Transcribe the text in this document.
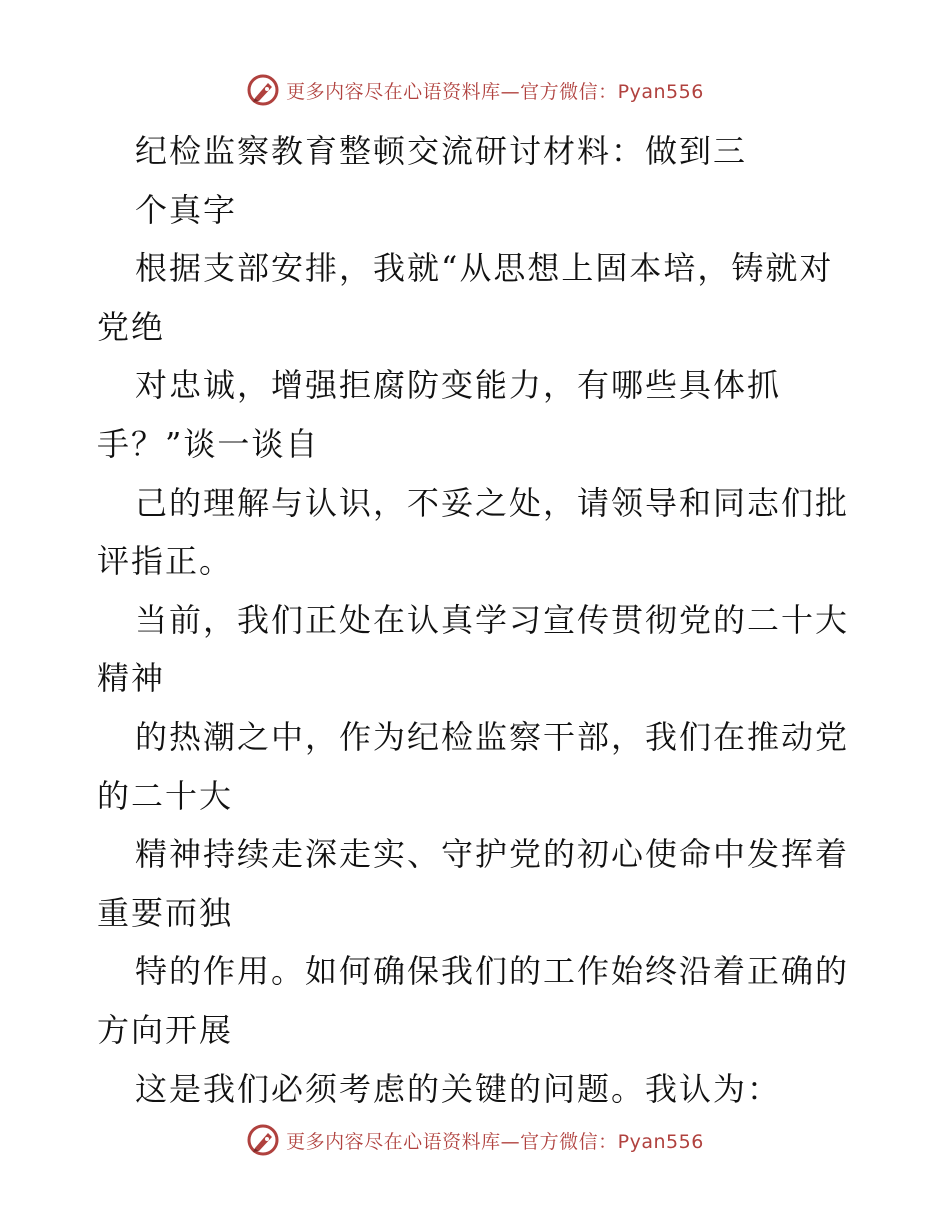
更多内容尽在心语资料库—官方微信：Pyan556
纪检监察教育整顿交流研讨材料：做到三
个真字
根据支部安排，我就“从思想上固本培，铸就对
党绝
对忠诚，增强拒腐防变能力，有哪些具体抓
手？”谈一谈自
己的理解与认识，不妥之处，请领导和同志们批
评指正。
当前，我们正处在认真学习宣传贯彻党的二十大
精神
的热潮之中，作为纪检监察干部，我们在推动党
的二十大
精神持续走深走实、守护党的初心使命中发挥着
重要而独
特的作用。如何确保我们的工作始终沿着正确的
方向开展
这是我们必须考虑的关键的问题。我认为：
更多内容尽在心语资料库—官方微信：Pyan556
